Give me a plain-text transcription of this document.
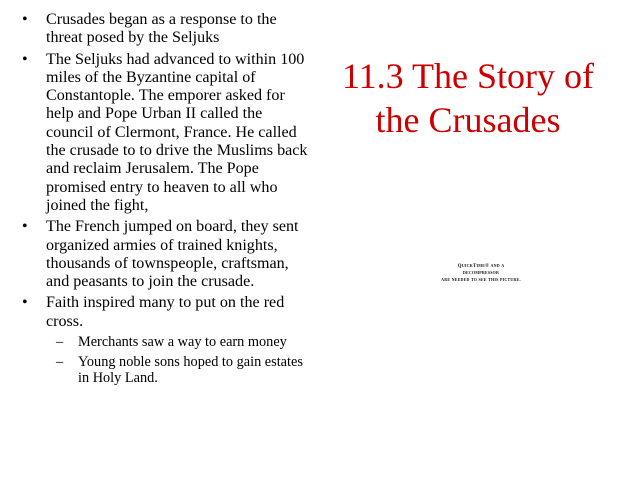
• Crusades began as a response to the threat posed by the Seljuks
• The Seljuks had advanced to within 100 miles of the Byzantine capital of Constantople. The emporer asked for help and Pope Urban II called the council of Clermont, France. He called the crusade to to drive the Muslims back and reclaim Jerusalem. The Pope promised entry to heaven to all who joined the fight,
• The French jumped on board, they sent organized armies of trained knights, thousands of townspeople, craftsman, and peasants to join the crusade.
• Faith inspired many to put on the red cross.
– Merchants saw a way to earn money
– Young noble sons hoped to gain estates in Holy Land.
11.3 The Story of the Crusades
QuickTime® and a
decompressor
are needed to see this picture.
